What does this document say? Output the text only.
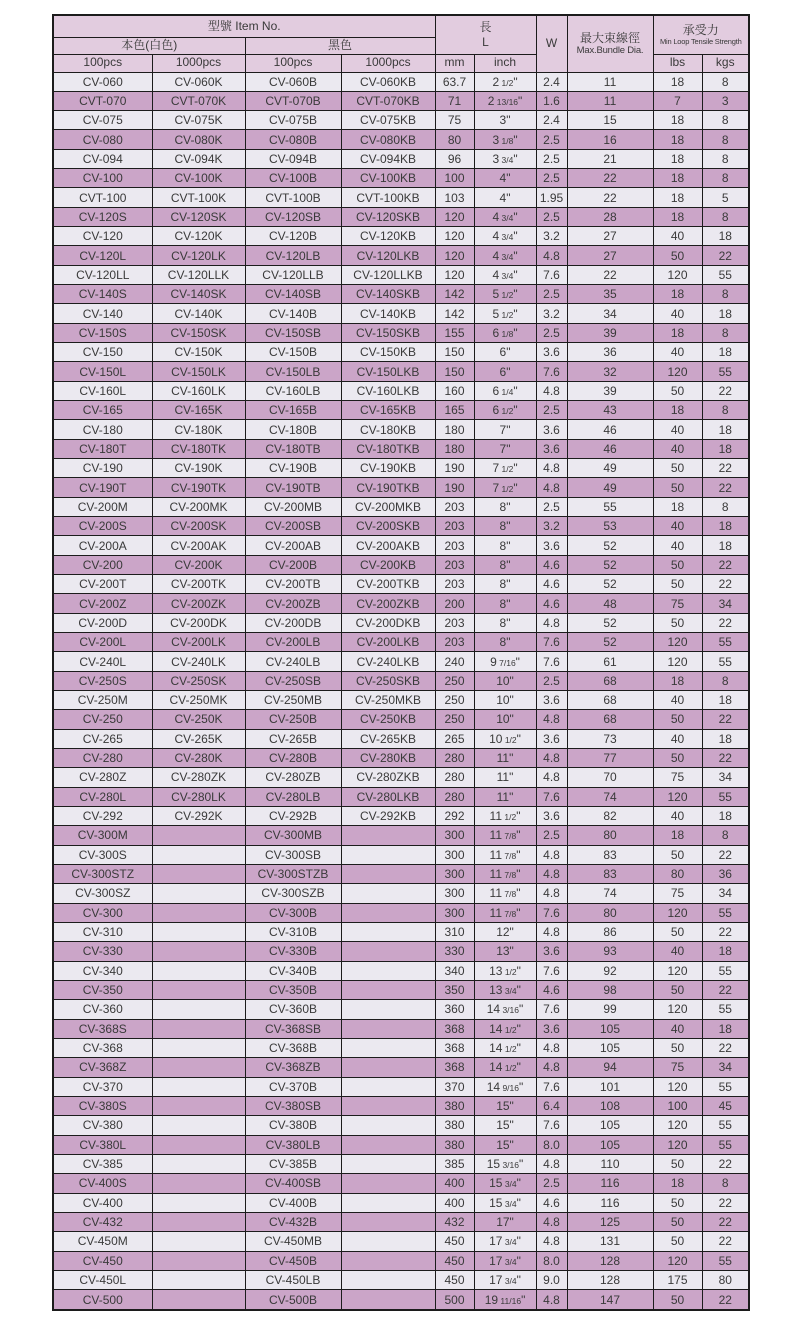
型號 Item No.	長
L	W	最大束線徑
Max.Bundle Dia.

承受力
Min Loop Tensile Strength

本色(白色)		黑色							
100pcs	1000pcs	100pcs	1000pcs	mm	inch			lbs	kgs
CV-060	CV-060K	CV-060B	CV-060KB	63.7	2 1/2"	2.4	11	18	8
CVT-070	CVT-070K	CVT-070B	CVT-070KB	71	2 13/16"	1.6	11	7	3
CV-075	CV-075K	CV-075B	CV-075KB	75	3"	2.4	15	18	8
CV-080	CV-080K	CV-080B	CV-080KB	80	3 1/8"	2.5	16	18	8
CV-094	CV-094K	CV-094B	CV-094KB	96	3 3/4"	2.5	21	18	8
CV-100	CV-100K	CV-100B	CV-100KB	100	4"	2.5	22	18	8
CVT-100	CVT-100K	CVT-100B	CVT-100KB	103	4"	1.95	22	18	5
CV-120S	CV-120SK	CV-120SB	CV-120SKB	120	4 3/4"	2.5	28	18	8
CV-120	CV-120K	CV-120B	CV-120KB	120	4 3/4"	3.2	27	40	18
CV-120L	CV-120LK	CV-120LB	CV-120LKB	120	4 3/4"	4.8	27	50	22
CV-120LL	CV-120LLK	CV-120LLB	CV-120LLKB	120	4 3/4"	7.6	22	120	55
CV-140S	CV-140SK	CV-140SB	CV-140SKB	142	5 1/2"	2.5	35	18	8
CV-140	CV-140K	CV-140B	CV-140KB	142	5 1/2"	3.2	34	40	18
CV-150S	CV-150SK	CV-150SB	CV-150SKB	155	6 1/8"	2.5	39	18	8
CV-150	CV-150K	CV-150B	CV-150KB	150	6"	3.6	36	40	18
CV-150L	CV-150LK	CV-150LB	CV-150LKB	150	6"	7.6	32	120	55
CV-160L	CV-160LK	CV-160LB	CV-160LKB	160	6 1/4"	4.8	39	50	22
CV-165	CV-165K	CV-165B	CV-165KB	165	6 1/2"	2.5	43	18	8
CV-180	CV-180K	CV-180B	CV-180KB	180	7"	3.6	46	40	18
CV-180T	CV-180TK	CV-180TB	CV-180TKB	180	7"	3.6	46	40	18
CV-190	CV-190K	CV-190B	CV-190KB	190	7 1/2"	4.8	49	50	22
CV-190T	CV-190TK	CV-190TB	CV-190TKB	190	7 1/2"	4.8	49	50	22
CV-200M	CV-200MK	CV-200MB	CV-200MKB	203	8"	2.5	55	18	8
CV-200S	CV-200SK	CV-200SB	CV-200SKB	203	8"	3.2	53	40	18
CV-200A	CV-200AK	CV-200AB	CV-200AKB	203	8"	3.6	52	40	18
CV-200	CV-200K	CV-200B	CV-200KB	203	8"	4.6	52	50	22
CV-200T	CV-200TK	CV-200TB	CV-200TKB	203	8"	4.6	52	50	22
CV-200Z	CV-200ZK	CV-200ZB	CV-200ZKB	200	8"	4.6	48	75	34
CV-200D	CV-200DK	CV-200DB	CV-200DKB	203	8"	4.8	52	50	22
CV-200L	CV-200LK	CV-200LB	CV-200LKB	203	8"	7.6	52	120	55
CV-240L	CV-240LK	CV-240LB	CV-240LKB	240	9 7/16"	7.6	61	120	55
CV-250S	CV-250SK	CV-250SB	CV-250SKB	250	10"	2.5	68	18	8
CV-250M	CV-250MK	CV-250MB	CV-250MKB	250	10"	3.6	68	40	18
CV-250	CV-250K	CV-250B	CV-250KB	250	10"	4.8	68	50	22
CV-265	CV-265K	CV-265B	CV-265KB	265	10 1/2"	3.6	73	40	18
CV-280	CV-280K	CV-280B	CV-280KB	280	11"	4.8	77	50	22
CV-280Z	CV-280ZK	CV-280ZB	CV-280ZKB	280	11"	4.8	70	75	34
CV-280L	CV-280LK	CV-280LB	CV-280LKB	280	11"	7.6	74	120	55
CV-292	CV-292K	CV-292B	CV-292KB	292	11 1/2"	3.6	82	40	18
CV-300M		CV-300MB		300	11 7/8"	2.5	80	18	8
CV-300S		CV-300SB		300	11 7/8"	4.8	83	50	22
CV-300STZ		CV-300STZB		300	11 7/8"	4.8	83	80	36
CV-300SZ		CV-300SZB		300	11 7/8"	4.8	74	75	34
CV-300		CV-300B		300	11 7/8"	7.6	80	120	55
CV-310		CV-310B		310	12"	4.8	86	50	22
CV-330		CV-330B		330	13"	3.6	93	40	18
CV-340		CV-340B		340	13 1/2"	7.6	92	120	55
CV-350		CV-350B		350	13 3/4"	4.6	98	50	22
CV-360		CV-360B		360	14 3/16"	7.6	99	120	55
CV-368S		CV-368SB		368	14 1/2"	3.6	105	40	18
CV-368		CV-368B		368	14 1/2"	4.8	105	50	22
CV-368Z		CV-368ZB		368	14 1/2"	4.8	94	75	34
CV-370		CV-370B		370	14 9/16"	7.6	101	120	55
CV-380S		CV-380SB		380	15"	6.4	108	100	45
CV-380		CV-380B		380	15"	7.6	105	120	55
CV-380L		CV-380LB		380	15"	8.0	105	120	55
CV-385		CV-385B		385	15 3/16"	4.8	110	50	22
CV-400S		CV-400SB		400	15 3/4"	2.5	116	18	8
CV-400		CV-400B		400	15 3/4"	4.6	116	50	22
CV-432		CV-432B		432	17"	4.8	125	50	22
CV-450M		CV-450MB		450	17 3/4"	4.8	131	50	22
CV-450		CV-450B		450	17 3/4"	8.0	128	120	55
CV-450L		CV-450LB		450	17 3/4"	9.0	128	175	80
CV-500		CV-500B		500	19 11/16"	4.8	147	50	22
